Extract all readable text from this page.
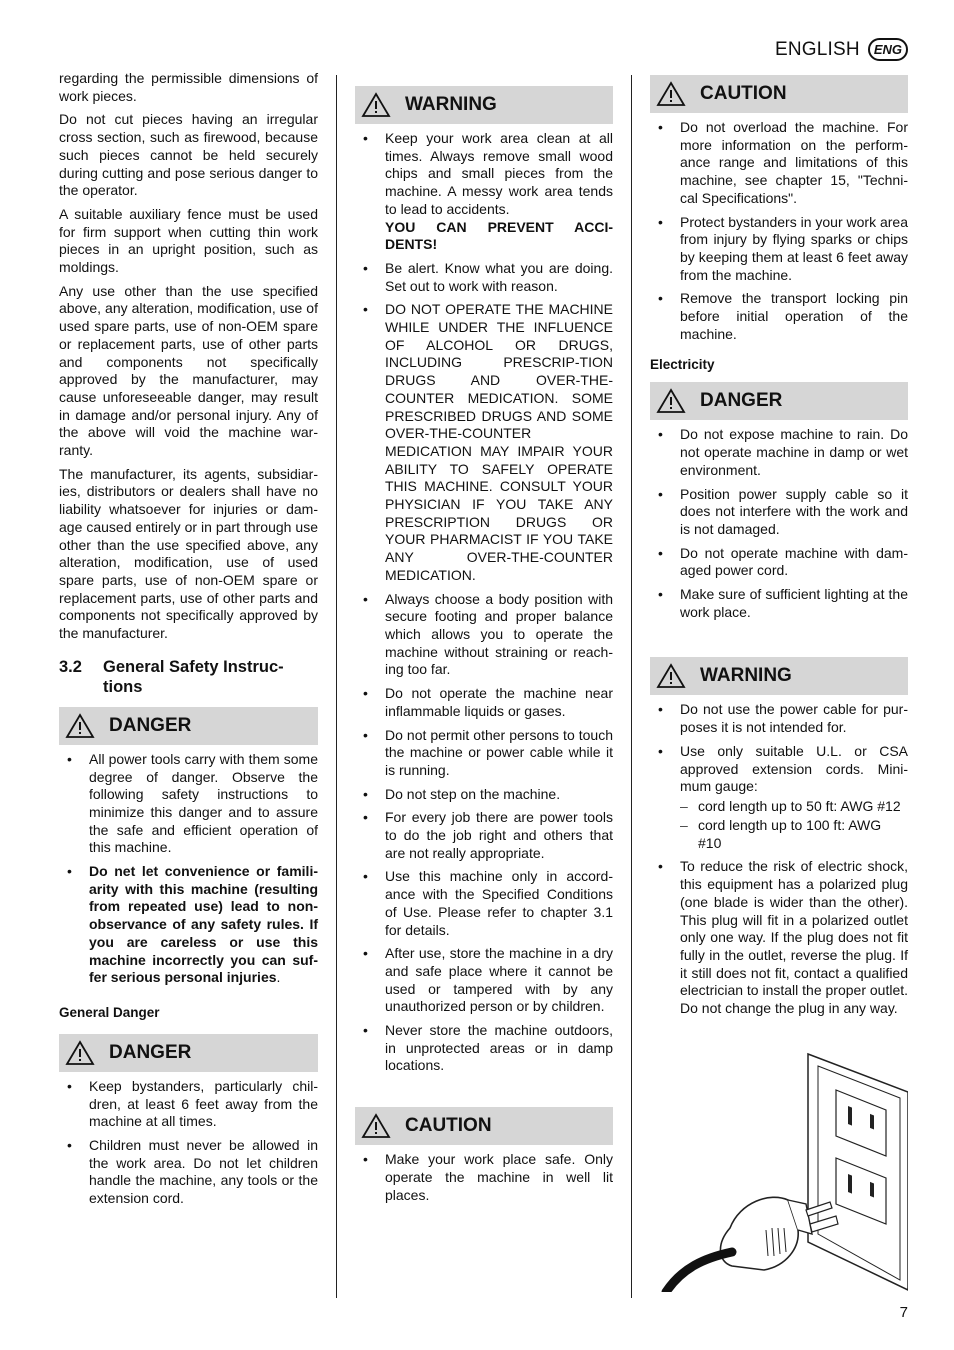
ENGLISH	ENG

regarding the permissible dimensions of work pieces.

Do not cut pieces having an irregular cross section, such as firewood, because such pieces cannot be held securely during cutting and pose serious danger to the operator.

A suitable auxiliary fence must be used for firm support when cutting thin work pieces in an upright position, such as moldings.

Any use other than the use specified above, any alteration, modification, use of used spare parts, use of non-OEM spare or replacement parts, use of other parts and components not specifically approved by the manufacturer, may cause unforeseeable danger, may result in damage and/or personal injury. Any of the above will void the machine war-ranty.

The manufacturer, its agents, subsidiar-ies, distributors or dealers shall have no liability whatsoever for injuries or dam-age caused entirely or in part through use other than the use specified above, any alteration, modification, use of used spare parts, use of non-OEM spare or replacement parts, use of other parts and components not specifically approved by the manufacturer.

3.2	General Safety Instruc-tions
DANGER
• All power tools carry with them some degree of danger. Observe the following safety instructions to minimize this danger and to assure the safe and efficient operation of this machine.
• Do net let convenience or famili-arity with this machine (resulting from repeated use) lead to non-observance of any safety rules. If you are careless or use this machine incorrectly you can suf-fer serious personal injuries.
General Danger
DANGER
• Keep bystanders, particularly chil-dren, at least 6 feet away from the machine at all times.
• Children must never be allowed in the work area. Do not let children handle the machine, any tools or the extension cord.
WARNING
• Keep your work area clean at all times. Always remove small wood chips and small pieces from the machine. A messy work area tends to lead to accidents.
YOU CAN PREVENT ACCI-DENTS!
• Be alert. Know what you are doing. Set out to work with reason.
• DO NOT OPERATE THE MACHINE WHILE UNDER THE INFLUENCE OF ALCOHOL OR DRUGS, INCLUDING PRESCRIP-TION DRUGS AND OVER-THE-COUNTER MEDICATION. SOME PRESCRIBED DRUGS AND SOME OVER-THE-COUNTER MEDICATION MAY IMPAIR YOUR ABILITY TO SAFELY OPERATE THIS MACHINE. CONSULT YOUR PHYSICIAN IF YOU TAKE ANY PRESCRIPTION DRUGS OR YOUR PHARMACIST IF YOU TAKE ANY OVER-THE-COUNTER MEDICATION.
• Always choose a body position with secure footing and proper balance which allows you to operate the machine without straining or reach-ing too far.
• Do not operate the machine near inflammable liquids or gases.
• Do not permit other persons to touch the machine or power cable while it is running.
• Do not step on the machine.
• For every job there are power tools to do the job right and others that are not really appropriate.
• Use this machine only in accord-ance with the Specified Conditions of Use. Please refer to chapter 3.1 for details.
• After use, store the machine in a dry and safe place where it cannot be used or tampered with by any unauthorized person or by children.
• Never store the machine outdoors, in unprotected areas or in damp locations.
CAUTION
• Make your work place safe. Only operate the machine in well lit places.
CAUTION
• Do not overload the machine. For more information on the perform-ance range and limitations of this machine, see chapter 15, "Techni-cal Specifications".
• Protect bystanders in your work area from injury by flying sparks or chips by keeping them at least 6 feet away from the machine.
• Remove the transport locking pin before initial operation of the machine.
Electricity
DANGER
• Do not expose machine to rain. Do not operate machine in damp or wet environment.
• Position power supply cable so it does not interfere with the work and is not damaged.
• Do not operate machine with dam-aged power cord.
• Make sure of sufficient lighting at the work place.
WARNING
• Do not use the power cable for pur-poses it is not intended for.
• Use only suitable U.L. or CSA approved extension cords. Mini-mum gauge:
– cord length up to 50 ft: AWG #12
– cord length up to 100 ft: AWG #10
• To reduce the risk of electric shock, this equipment has a polarized plug (one blade is wider than the other). This plug will fit in a polarized outlet only one way. If the plug does not fit fully in the outlet, reverse the plug. If it still does not fit, contact a qualified electrician to install the proper outlet. Do not change the plug in any way.
7
